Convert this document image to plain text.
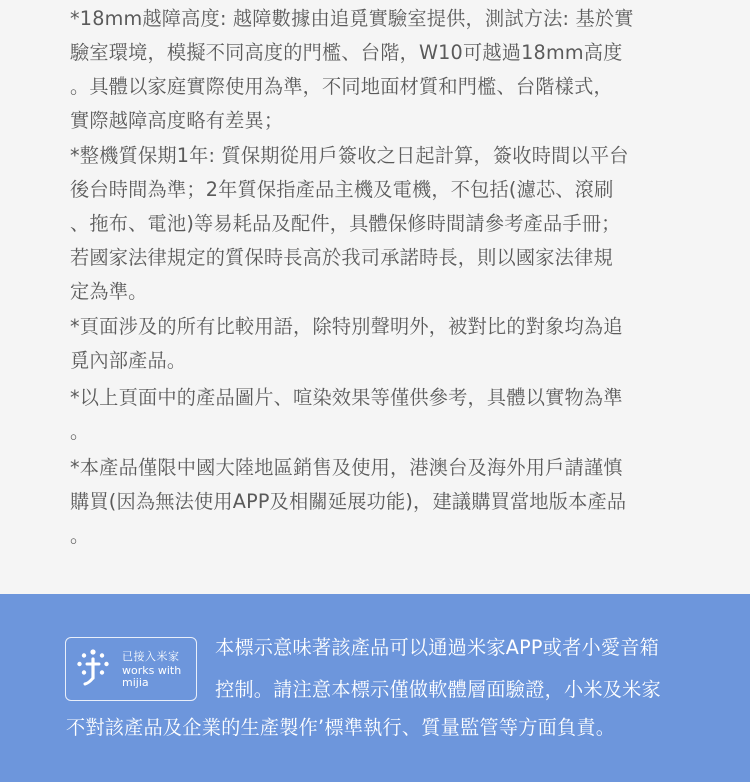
*18mm越障高度: 越障數據由追覓實驗室提供，測試方法: 基於實
驗室環境，模擬不同高度的門檻、台階，W10可越過18mm高度
。具體以家庭實際使用為準，不同地面材質和門檻、台階樣式，
實際越障高度略有差異；
*整機質保期1年: 質保期從用戶簽收之日起計算，簽收時間以平台
後台時間為準；2年質保指產品主機及電機，不包括(濾芯、滾刷
、拖布、電池)等易耗品及配件，具體保修時間請參考產品手冊；
若國家法律規定的質保時長高於我司承諾時長，則以國家法律規
定為準。
*頁面涉及的所有比較用語，除特別聲明外，被對比的對象均為追
覓內部產品。
*以上頁面中的產品圖片、喧染效果等僅供參考，具體以實物為準
。
*本產品僅限中國大陸地區銷售及使用，港澳台及海外用戶請謹慎
購買(因為無法使用APP及相關延展功能)，建議購買當地版本產品
。
已接入米家
works with
mijia
本標示意味著該產品可以通過米家APP或者小愛音箱
控制。請注意本標示僅做軟體層面驗證，小米及米家
不對該產品及企業的生產製作’標準執行、質量監管等方面負責。
